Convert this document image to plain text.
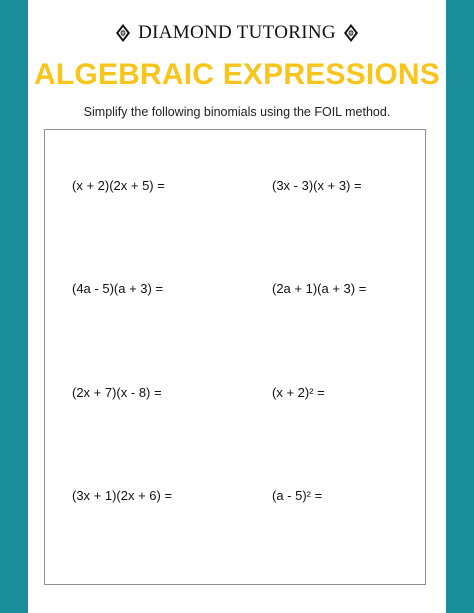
DIAMOND TUTORING
ALGEBRAIC EXPRESSIONS
Simplify the following binomials using the FOIL method.
(x + 2)(2x + 5) =	(3x - 3)(x + 3) =
(4a - 5)(a + 3) =	(2a + 1)(a + 3) =
(2x + 7)(x - 8) =	(x + 2)² =
(3x + 1)(2x + 6) =	(a - 5)² =
